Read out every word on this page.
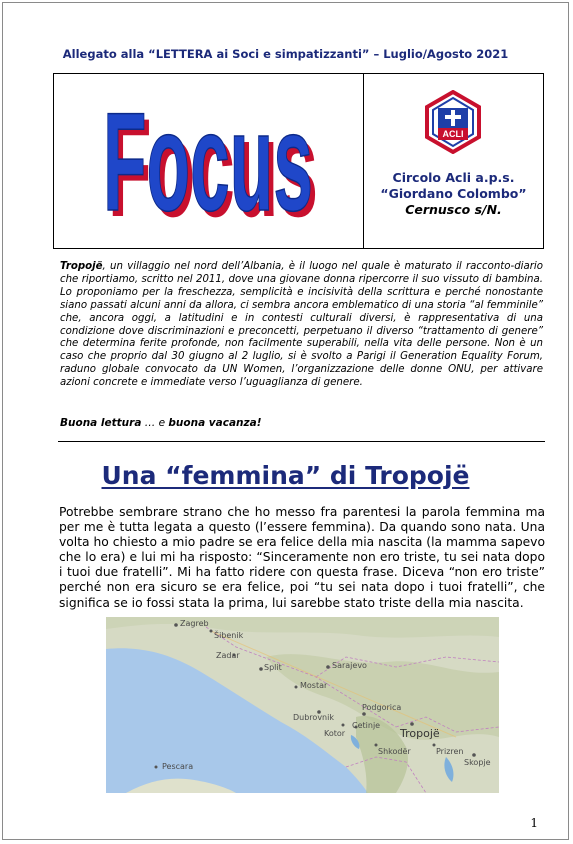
Allegato alla “LETTERA ai Soci e simpatizzanti” – Luglio/Agosto 2021
Focus
Focus	ACLI
Circolo Acli a.p.s.
“Giordano Colombo”
Cernusco s/N.
Tropojë, un villaggio nel nord dell’Albania, è il luogo nel quale è maturato il racconto-diario che riportiamo, scritto nel 2011, dove una giovane donna ripercorre il suo vissuto di bambina. Lo proponiamo per la freschezza, semplicità e incisività della scrittura e perché nonostante siano passati alcuni anni da allora, ci sembra ancora emblematico di una storia “al femminile” che, ancora oggi, a latitudini e in contesti culturali diversi, è rappresentativa di una condizione dove discriminazioni e preconcetti, perpetuano il diverso “trattamento di genere” che determina ferite profonde, non facilmente superabili, nella vita delle persone. Non è un caso che proprio dal 30 giugno al 2 luglio, si è svolto a Parigi il Generation Equality Forum, raduno globale convocato da UN Women, l’organizzazione delle donne ONU, per attivare azioni concrete e immediate verso l’uguaglianza di genere.
Buona lettura … e buona vacanza!
Una “femmina” di Tropojë
Potrebbe sembrare strano che ho messo fra parentesi la parola femmina ma per me è tutta legata a questo (l’essere femmina). Da quando sono nata. Una volta ho chiesto a mio padre se era felice della mia nascita (la mamma sapevo che lo era) e lui mi ha risposto: “Sinceramente non ero triste, tu sei nata dopo i tuoi due fratelli”. Mi ha fatto ridere con questa frase. Diceva “non ero triste” perché non era sicuro se era felice, poi “tu sei nata dopo i tuoi fratelli”, che significa se io fossi stata la prima, lui sarebbe stato triste della mia nascita.
Zagreb
Sarajevo
Split
Dubrovnik
Podgorica
Tropojë
Skopje
Šibenik
Zadar
Pescara
Mostar
Kotor
Shkodër
Cetinje
Prizren
1
